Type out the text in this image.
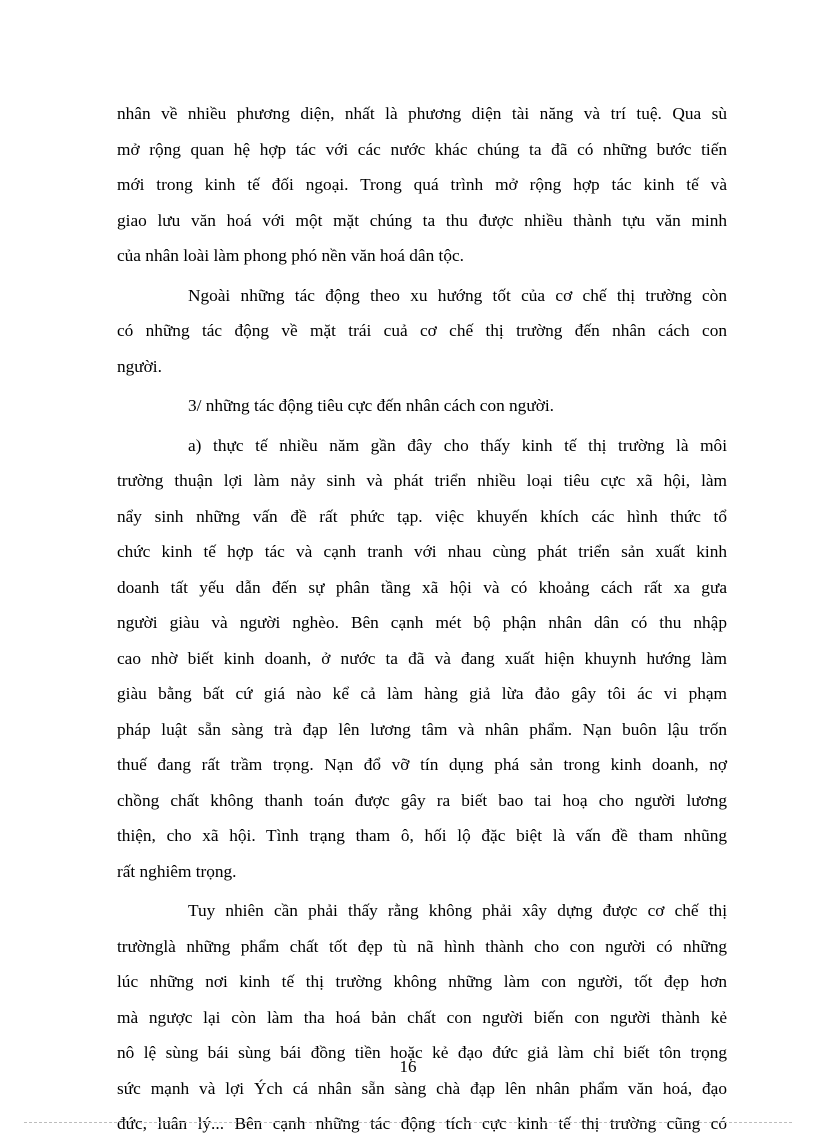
nhân về nhiều phương diện, nhất là phương diện tài năng và trí tuệ. Qua sù
mở rộng quan hệ hợp tác với các nước khác chúng ta đã có những bước tiến
mới trong kinh tế đối ngoại. Trong quá trình mở rộng hợp tác kinh tế và
giao lưu văn hoá với một mặt chúng ta thu được nhiều thành tựu văn minh
của nhân loài làm phong phó nền văn hoá dân tộc.

Ngoài những tác động theo xu hướng tốt của cơ chế thị trường còn
có những tác động về mặt trái cuả cơ chế thị trường đến nhân cách con
người.

3/ những tác động tiêu cực đến nhân cách con người.

a) thực tế nhiều năm gần đây cho thấy kinh tế thị trường là môi
trường thuận lợi làm nảy sinh và phát triển nhiều loại tiêu cực xã hội, làm
nẩy sinh những vấn đề rất phức tạp. việc khuyến khích các hình thức tổ
chức kinh tế hợp tác và cạnh tranh với nhau cùng phát triển sản xuất kinh
doanh tất yếu dẫn đến sự phân tầng xã hội và có khoảng cách rất xa gưa
người giàu và người nghèo. Bên cạnh mét bộ phận nhân dân có thu nhập
cao nhờ biết kinh doanh, ở nước ta đã và đang xuất hiện khuynh hướng làm
giàu bằng bất cứ giá nào kể cả làm hàng giả lừa đảo gây tôi ác vi phạm
pháp luật sẵn sàng trà đạp lên lương tâm và nhân phẩm. Nạn buôn lậu trốn
thuế đang rất trầm trọng. Nạn đổ vỡ tín dụng phá sản trong kinh doanh, nợ
chồng chất không thanh toán được gây ra biết bao tai hoạ cho người lương
thiện, cho xã hội. Tình trạng tham ô, hối lộ đặc biệt là vấn đề tham nhũng
rất nghiêm trọng.

Tuy nhiên cần phải thấy rằng không phải xây dựng được cơ chế thị
trườnglà những phẩm chất tốt đẹp tù nã hình thành cho con người có những
lúc những nơi kinh tế thị trường không những làm con người, tốt đẹp hơn
mà ngược lại còn làm tha hoá bản chất con người biến con người thành kẻ
nô lệ sùng bái sùng bái đồng tiền hoặc kẻ đạo đức giả làm chỉ biết tôn trọng
sức mạnh và lợi Ých cá nhân sẵn sàng chà đạp lên nhân phẩm văn hoá, đạo
đức, luân lý... Bên cạnh những tác động tích cực kinh tế thị trường cũng có

16
